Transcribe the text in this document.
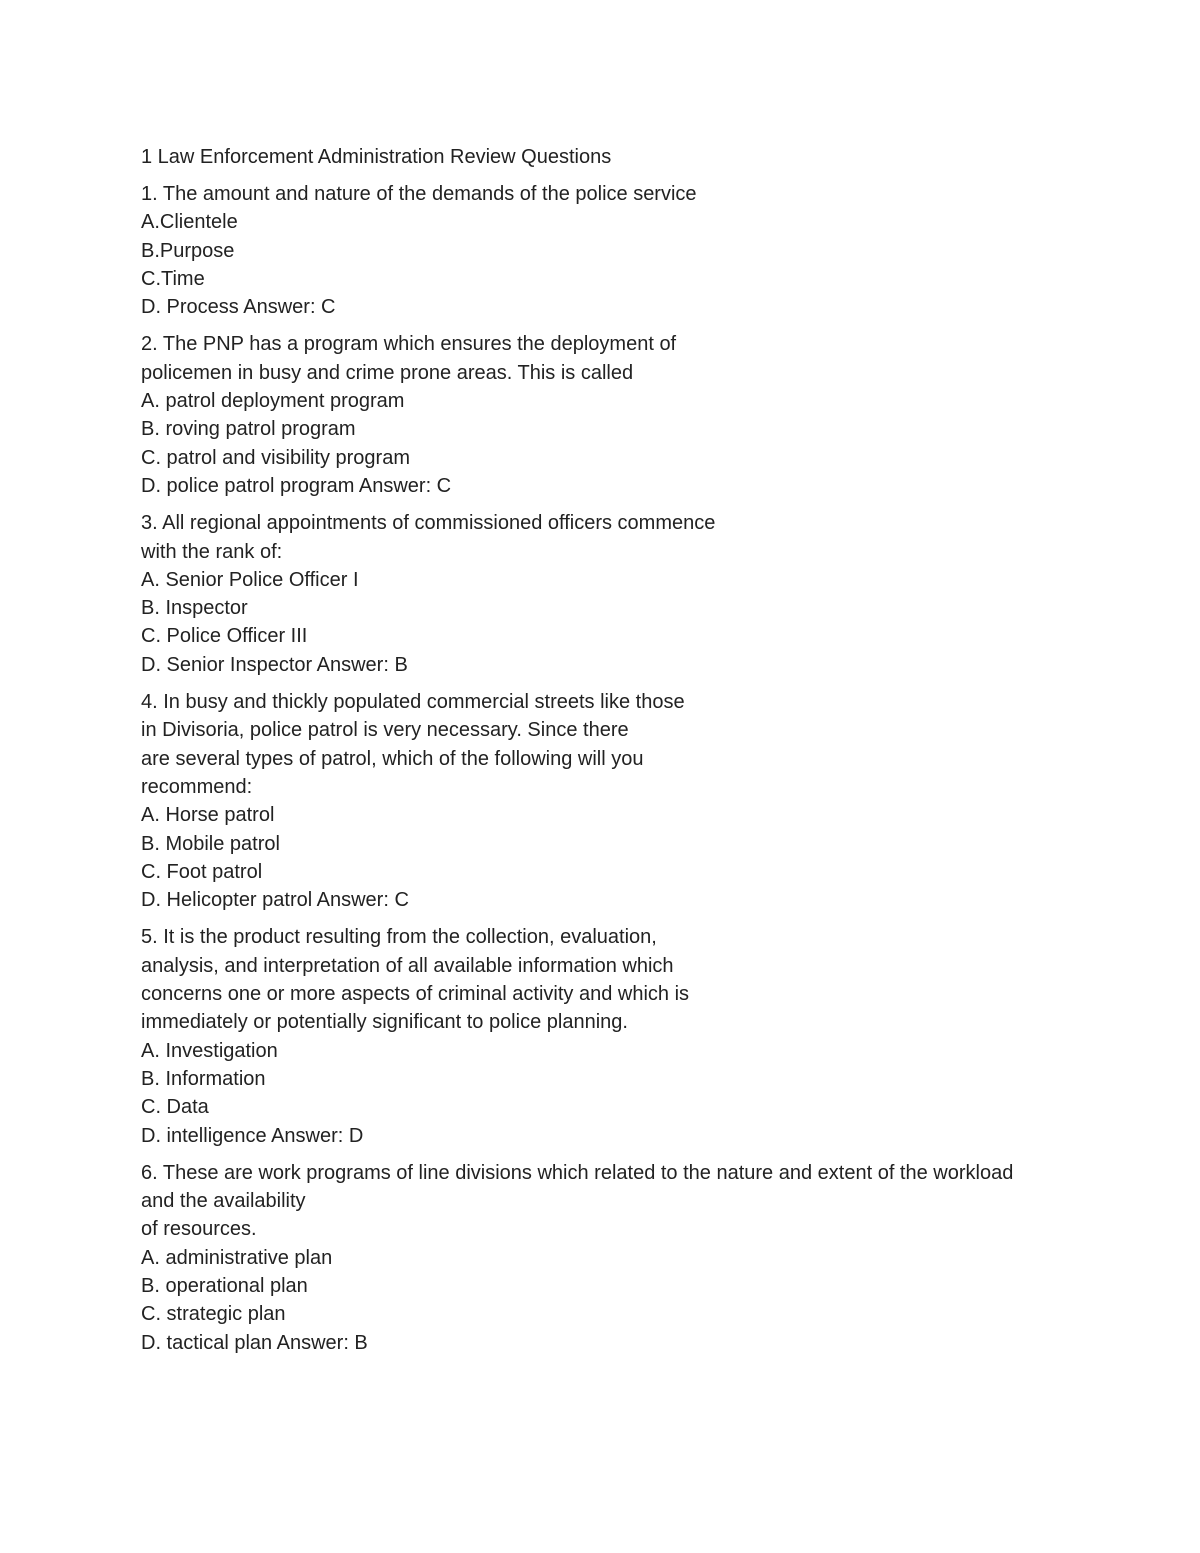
1 Law Enforcement Administration Review Questions
1. The amount and nature of the demands of the police service
A.Clientele
B.Purpose
C.Time
D. Process Answer: C
2. The PNP has a program which ensures the deployment of
policemen in busy and crime prone areas. This is called
A. patrol deployment program
B. roving patrol program
C. patrol and visibility program
D. police patrol program Answer: C
3. All regional appointments of commissioned officers commence
with the rank of:
A. Senior Police Officer I
B. Inspector
C. Police Officer III
D. Senior Inspector Answer: B
4. In busy and thickly populated commercial streets like those
in Divisoria, police patrol is very necessary. Since there
are several types of patrol, which of the following will you
recommend:
A. Horse patrol
B. Mobile patrol
C. Foot patrol
D. Helicopter patrol Answer: C
5. It is the product resulting from the collection, evaluation,
analysis, and interpretation of all available information which
concerns one or more aspects of criminal activity and which is
immediately or potentially significant to police planning.
A. Investigation
B. Information
C. Data
D. intelligence Answer: D
6. These are work programs of line divisions which related to the nature and extent of the workload
and the availability
of resources.
A. administrative plan
B. operational plan
C. strategic plan
D. tactical plan Answer: B
